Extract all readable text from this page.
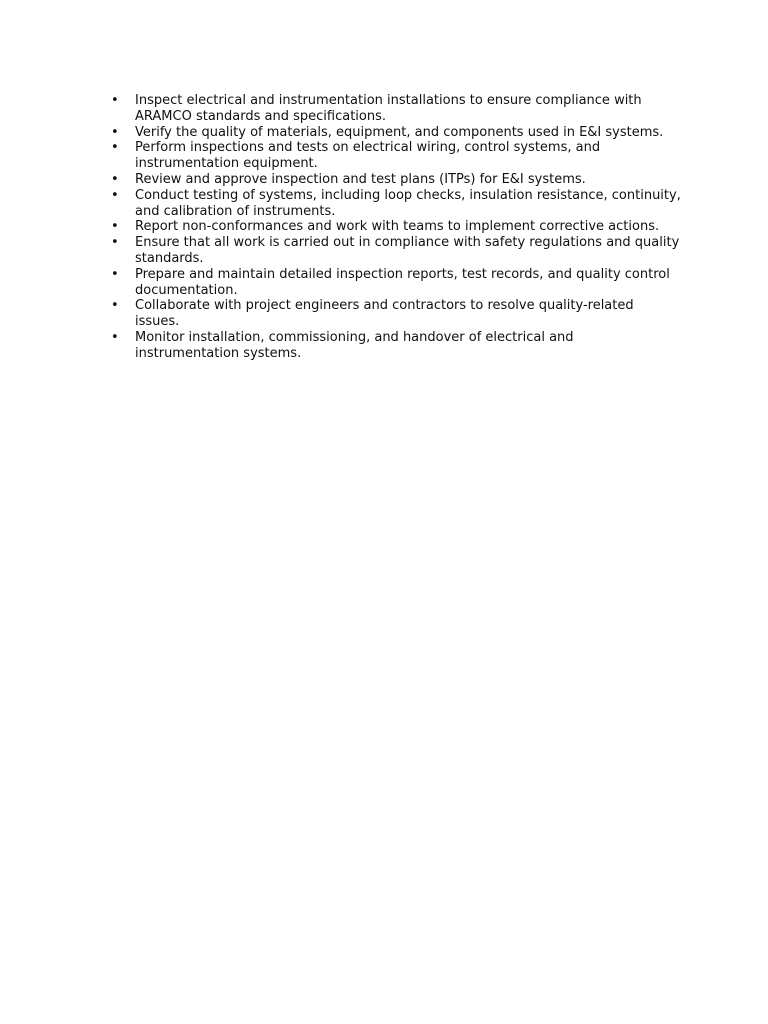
• Inspect electrical and instrumentation installations to ensure compliance with ARAMCO standards and specifications.
• Verify the quality of materials, equipment, and components used in E&I systems.
• Perform inspections and tests on electrical wiring, control systems, and instrumentation equipment.
• Review and approve inspection and test plans (ITPs) for E&I systems.
• Conduct testing of systems, including loop checks, insulation resistance, continuity, and calibration of instruments.
• Report non-conformances and work with teams to implement corrective actions.
• Ensure that all work is carried out in compliance with safety regulations and quality standards.
• Prepare and maintain detailed inspection reports, test records, and quality control documentation.
• Collaborate with project engineers and contractors to resolve quality-related issues.
• Monitor installation, commissioning, and handover of electrical and instrumentation systems.
